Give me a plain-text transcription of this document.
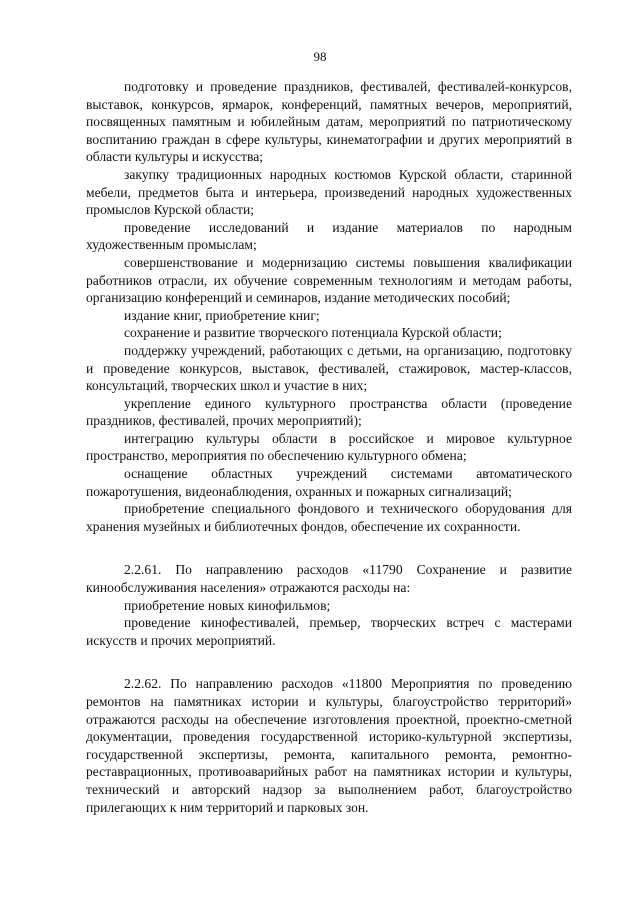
98

подготовку и проведение праздников, фестивалей, фестивалей-конкурсов, выставок, конкурсов, ярмарок, конференций, памятных вечеров, мероприятий, посвященных памятным и юбилейным датам, мероприятий по патриотическому воспитанию граждан в сфере культуры, кинематографии и других мероприятий в области культуры и искусства;

закупку традиционных народных костюмов Курской области, старинной мебели, предметов быта и интерьера, произведений народных художественных промыслов Курской области;

проведение исследований и издание материалов по народным художественным промыслам;

совершенствование и модернизацию системы повышения квалификации работников отрасли, их обучение современным технологиям и методам работы, организацию конференций и семинаров, издание методических пособий;

издание книг, приобретение книг;

сохранение и развитие творческого потенциала Курской области;

поддержку учреждений, работающих с детьми, на организацию, подготовку и проведение конкурсов, выставок, фестивалей, стажировок, мастер-классов, консультаций, творческих школ и участие в них;

укрепление единого культурного пространства области (проведение праздников, фестивалей, прочих мероприятий);

интеграцию культуры области в российское и мировое культурное пространство, мероприятия по обеспечению культурного обмена;

оснащение областных учреждений системами автоматического пожаротушения, видеонаблюдения, охранных и пожарных сигнализаций;

приобретение специального фондового и технического оборудования для хранения музейных и библиотечных фондов, обеспечение их сохранности.

2.2.61. По направлению расходов «11790 Сохранение и развитие кинообслуживания населения» отражаются расходы на:

приобретение новых кинофильмов;

проведение кинофестивалей, премьер, творческих встреч с мастерами искусств и прочих мероприятий.

2.2.62. По направлению расходов «11800 Мероприятия по проведению ремонтов на памятниках истории и культуры, благоустройство территорий» отражаются расходы на обеспечение изготовления проектной, проектно-сметной документации, проведения государственной историко-культурной экспертизы, государственной экспертизы, ремонта, капитального ремонта, ремонтно-реставрационных, противоаварийных работ на памятниках истории и культуры, технический и авторский надзор за выполнением работ, благоустройство прилегающих к ним территорий и парковых зон.
